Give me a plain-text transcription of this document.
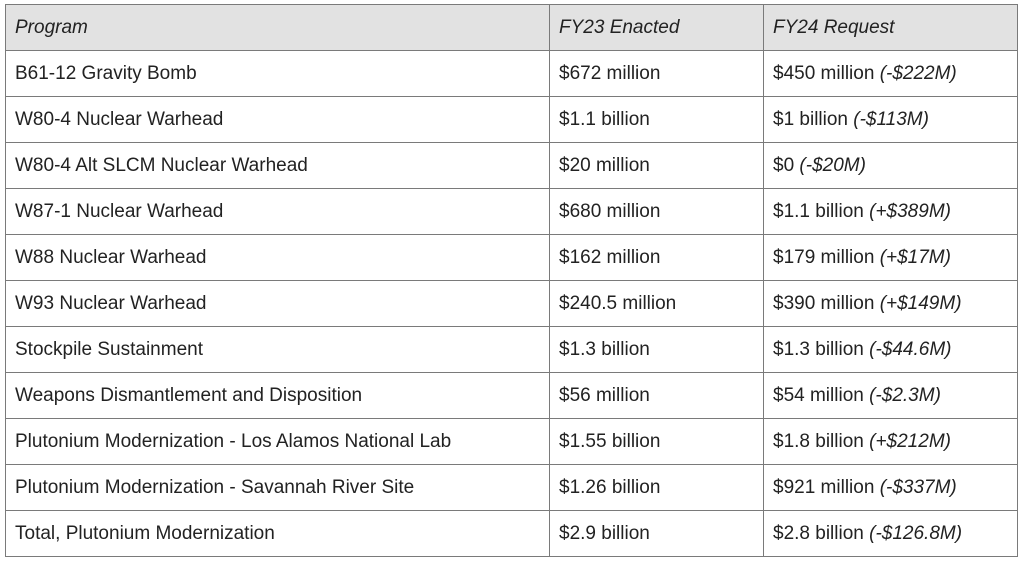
Program	FY23 Enacted	FY24 Request
B61-12 Gravity Bomb	$672 million	$450 million (-$222M)
W80-4 Nuclear Warhead	$1.1 billion	$1 billion (-$113M)
W80-4 Alt SLCM Nuclear Warhead	$20 million	$0 (-$20M)
W87-1 Nuclear Warhead	$680 million	$1.1 billion (+$389M)
W88 Nuclear Warhead	$162 million	$179 million (+$17M)
W93 Nuclear Warhead	$240.5 million	$390 million (+$149M)
Stockpile Sustainment	$1.3 billion	$1.3 billion (-$44.6M)
Weapons Dismantlement and Disposition	$56 million	$54 million (-$2.3M)
Plutonium Modernization - Los Alamos National Lab	$1.55 billion	$1.8 billion (+$212M)
Plutonium Modernization - Savannah River Site	$1.26 billion	$921 million (-$337M)
Total, Plutonium Modernization	$2.9 billion	$2.8 billion (-$126.8M)
